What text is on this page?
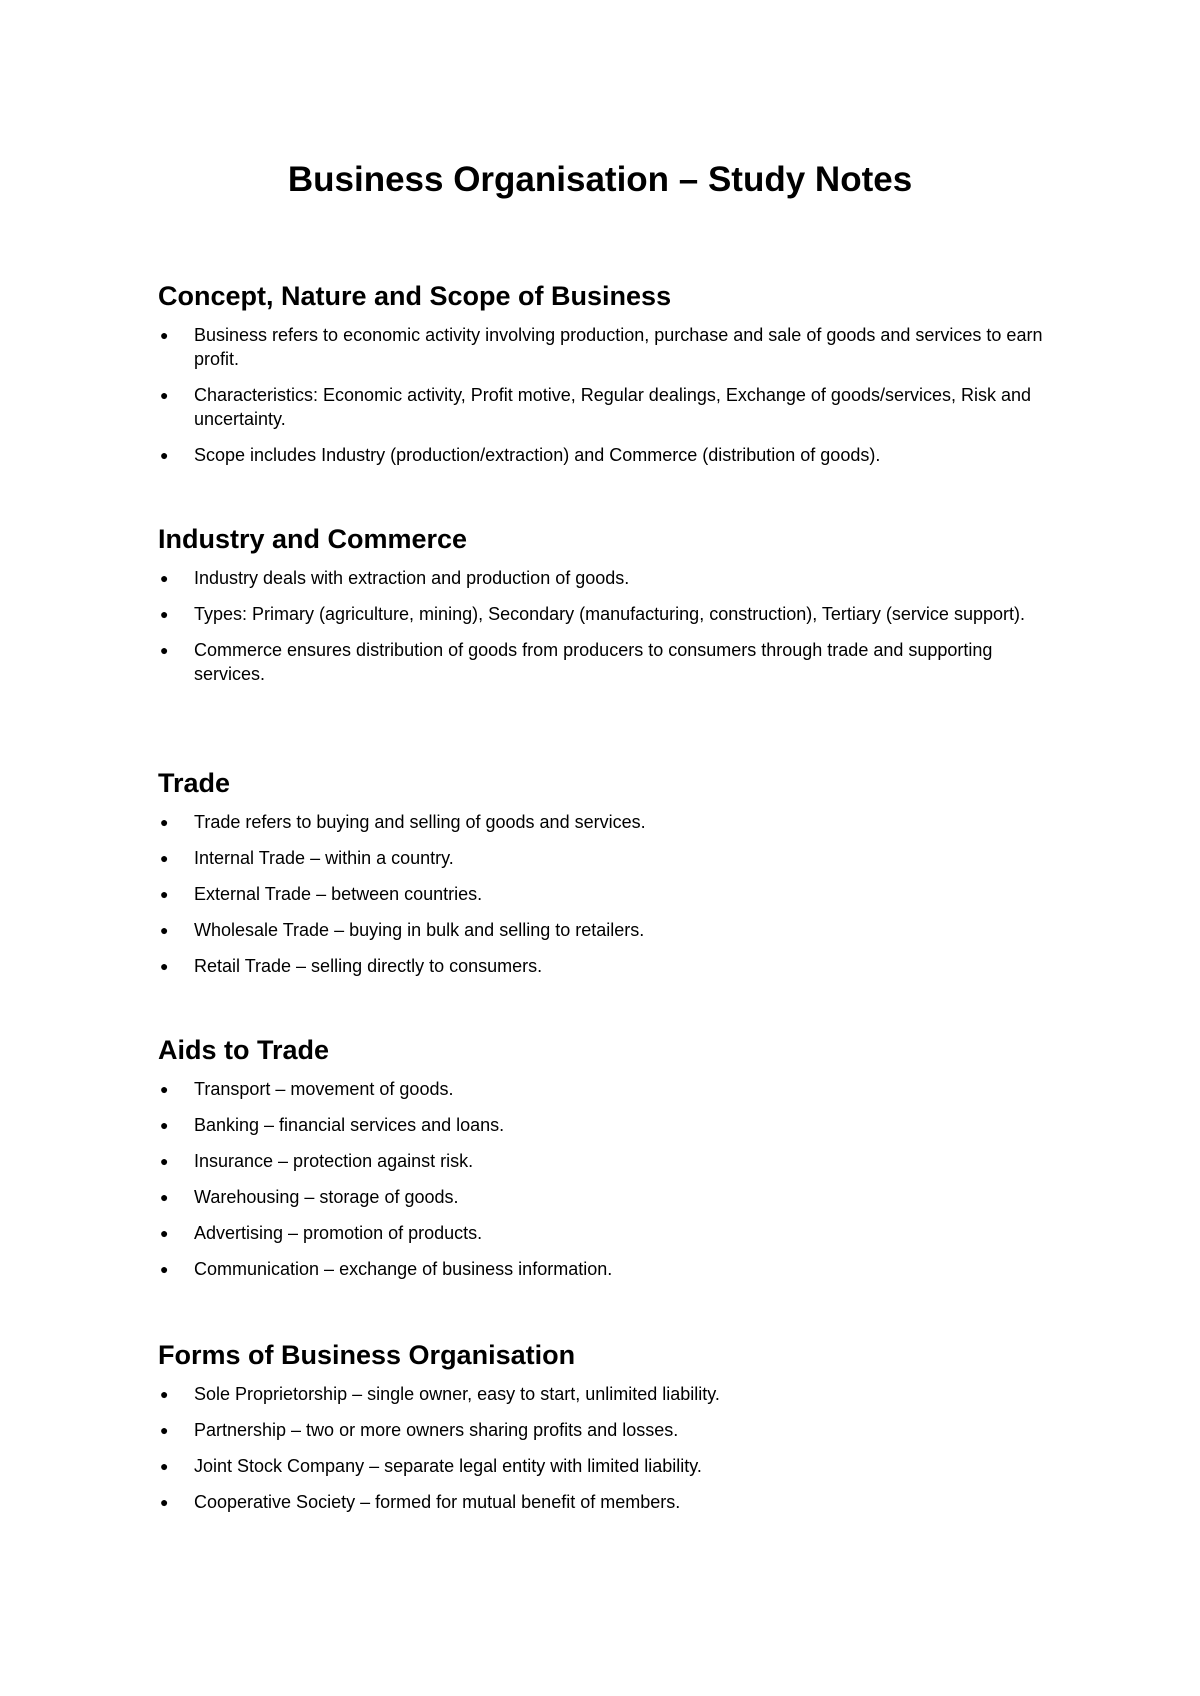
Business Organisation – Study Notes
Concept, Nature and Scope of Business
● Business refers to economic activity involving production, purchase and sale of goods and services to earn profit.
● Characteristics: Economic activity, Profit motive, Regular dealings, Exchange of goods/services, Risk and uncertainty.
● Scope includes Industry (production/extraction) and Commerce (distribution of goods).
Industry and Commerce
● Industry deals with extraction and production of goods.
● Types: Primary (agriculture, mining), Secondary (manufacturing, construction), Tertiary (service support).
● Commerce ensures distribution of goods from producers to consumers through trade and supporting services.
Trade
● Trade refers to buying and selling of goods and services.
● Internal Trade – within a country.
● External Trade – between countries.
● Wholesale Trade – buying in bulk and selling to retailers.
● Retail Trade – selling directly to consumers.
Aids to Trade
● Transport – movement of goods.
● Banking – financial services and loans.
● Insurance – protection against risk.
● Warehousing – storage of goods.
● Advertising – promotion of products.
● Communication – exchange of business information.
Forms of Business Organisation
● Sole Proprietorship – single owner, easy to start, unlimited liability.
● Partnership – two or more owners sharing profits and losses.
● Joint Stock Company – separate legal entity with limited liability.
● Cooperative Society – formed for mutual benefit of members.
